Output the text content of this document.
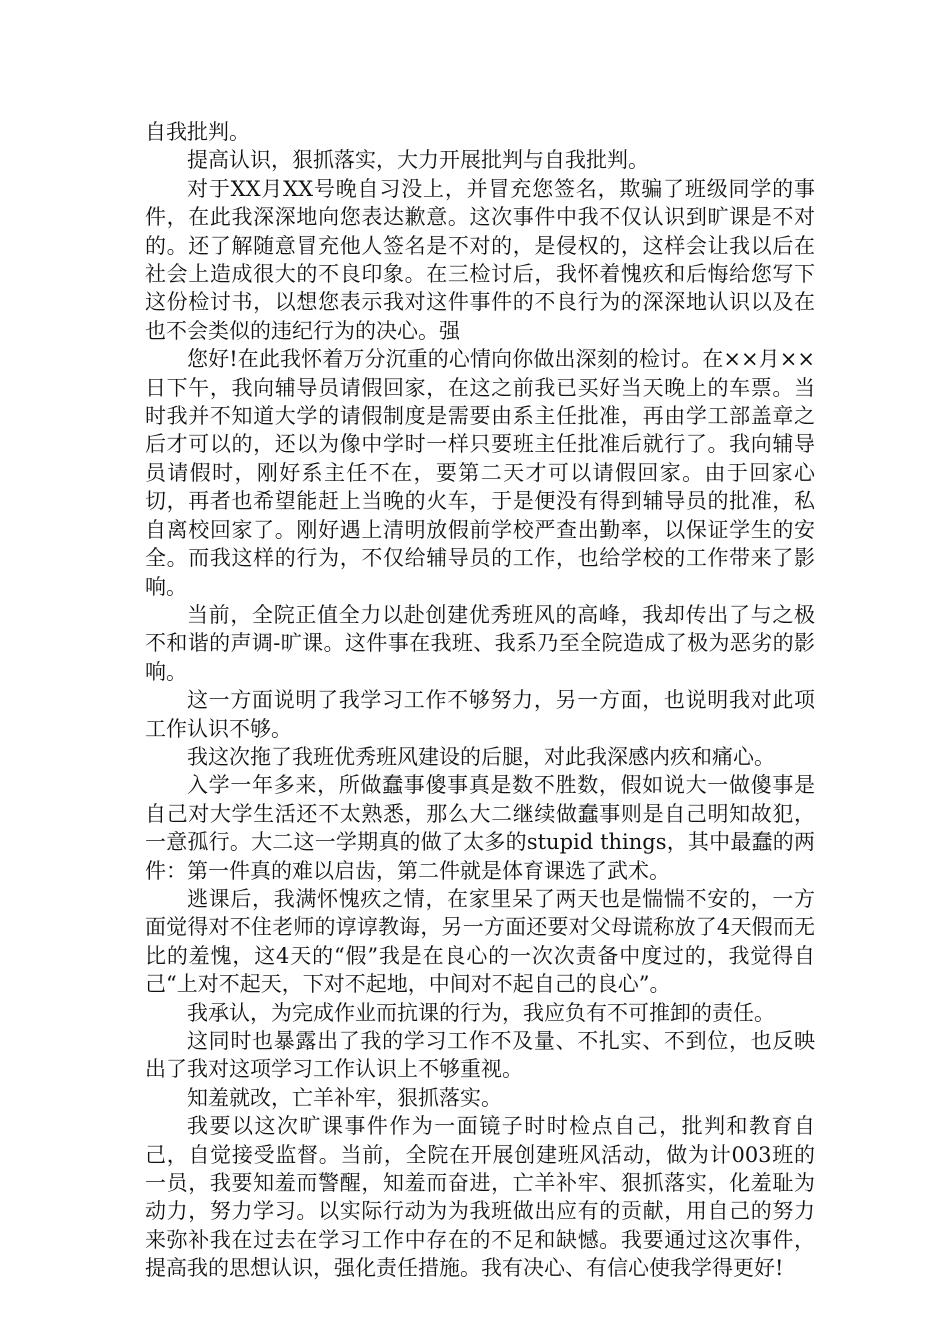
自我批判。

提高认识，狠抓落实，大力开展批判与自我批判。

对于XX月XX号晚自习没上，并冒充您签名，欺骗了班级同学的事件，在此我深深地向您表达歉意。这次事件中我不仅认识到旷课是不对的。还了解随意冒充他人签名是不对的，是侵权的，这样会让我以后在社会上造成很大的不良印象。在三检讨后，我怀着愧疚和后悔给您写下这份检讨书，以想您表示我对这件事件的不良行为的深深地认识以及在也不会类似的违纪行为的决心。强

您好!在此我怀着万分沉重的心情向你做出深刻的检讨。在××月××日下午，我向辅导员请假回家，在这之前我已买好当天晚上的车票。当时我并不知道大学的请假制度是需要由系主任批准，再由学工部盖章之后才可以的，还以为像中学时一样只要班主任批准后就行了。我向辅导员请假时，刚好系主任不在，要第二天才可以请假回家。由于回家心切，再者也希望能赶上当晚的火车，于是便没有得到辅导员的批准，私自离校回家了。刚好遇上清明放假前学校严查出勤率，以保证学生的安全。而我这样的行为，不仅给辅导员的工作，也给学校的工作带来了影响。

当前，全院正值全力以赴创建优秀班风的高峰，我却传出了与之极不和谐的声调-旷课。这件事在我班、我系乃至全院造成了极为恶劣的影响。

这一方面说明了我学习工作不够努力，另一方面，也说明我对此项工作认识不够。

我这次拖了我班优秀班风建设的后腿，对此我深感内疚和痛心。

入学一年多来，所做蠢事傻事真是数不胜数，假如说大一做傻事是自己对大学生活还不太熟悉，那么大二继续做蠢事则是自己明知故犯，一意孤行。大二这一学期真的做了太多的stupid things，其中最蠢的两件：第一件真的难以启齿，第二件就是体育课选了武术。

逃课后，我满怀愧疚之情，在家里呆了两天也是惴惴不安的，一方面觉得对不住老师的谆谆教诲，另一方面还要对父母谎称放了4天假而无比的羞愧，这4天的“假”我是在良心的一次次责备中度过的，我觉得自己“上对不起天，下对不起地，中间对不起自己的良心”。

我承认，为完成作业而抗课的行为，我应负有不可推卸的责任。

这同时也暴露出了我的学习工作不及量、不扎实、不到位，也反映出了我对这项学习工作认识上不够重视。

知羞就改，亡羊补牢，狠抓落实。

我要以这次旷课事件作为一面镜子时时检点自己，批判和教育自己，自觉接受监督。当前，全院在开展创建班风活动，做为计003班的一员，我要知羞而警醒，知羞而奋进，亡羊补牢、狠抓落实，化羞耻为动力，努力学习。以实际行动为为我班做出应有的贡献，用自己的努力来弥补我在过去在学习工作中存在的不足和缺憾。我要通过这次事件，提高我的思想认识，强化责任措施。我有决心、有信心使我学得更好!
